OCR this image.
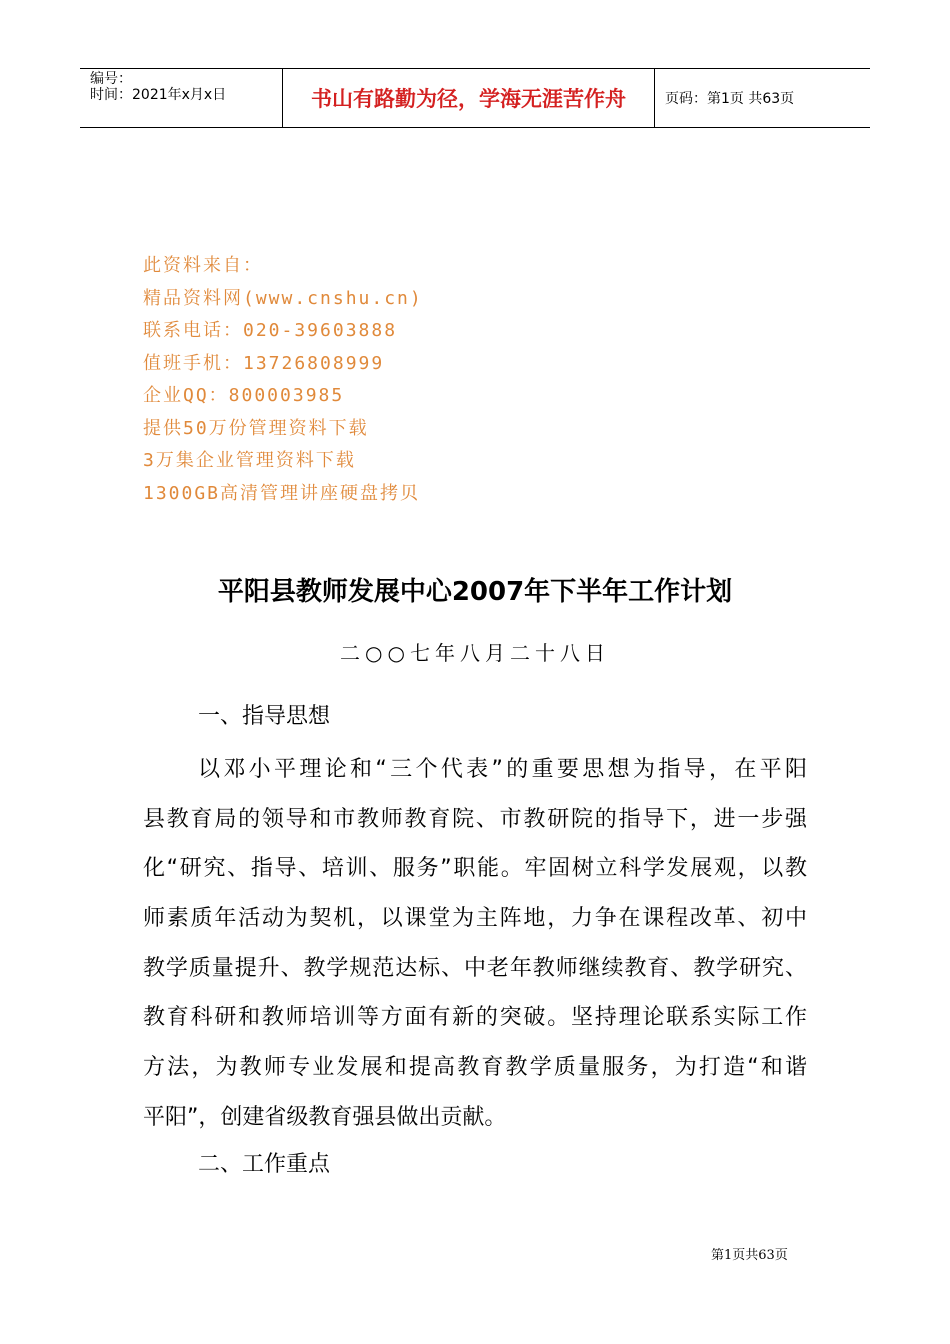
编号：
时间：2021年x月x日	书山有路勤为径，学海无涯苦作舟	页码：第1页 共63页
此资料来自：
精品资料网(www.cnshu.cn)
联系电话：020-39603888
值班手机：13726808999
企业QQ：800003985
提供50万份管理资料下载
3万集企业管理资料下载
1300GB高清管理讲座硬盘拷贝
平阳县教师发展中心2007年下半年工作计划
二○○七年八月二十八日
一、指导思想
以邓小平理论和“三个代表”的重要思想为指导，在平阳
县教育局的领导和市教师教育院、市教研院的指导下，进一步强
化“研究、指导、培训、服务”职能。牢固树立科学发展观，以教
师素质年活动为契机，以课堂为主阵地，力争在课程改革、初中
教学质量提升、教学规范达标、中老年教师继续教育、教学研究、
教育科研和教师培训等方面有新的突破。坚持理论联系实际工作
方法，为教师专业发展和提高教育教学质量服务，为打造“和谐
平阳”，创建省级教育强县做出贡献。
二、工作重点
第1页共63页
